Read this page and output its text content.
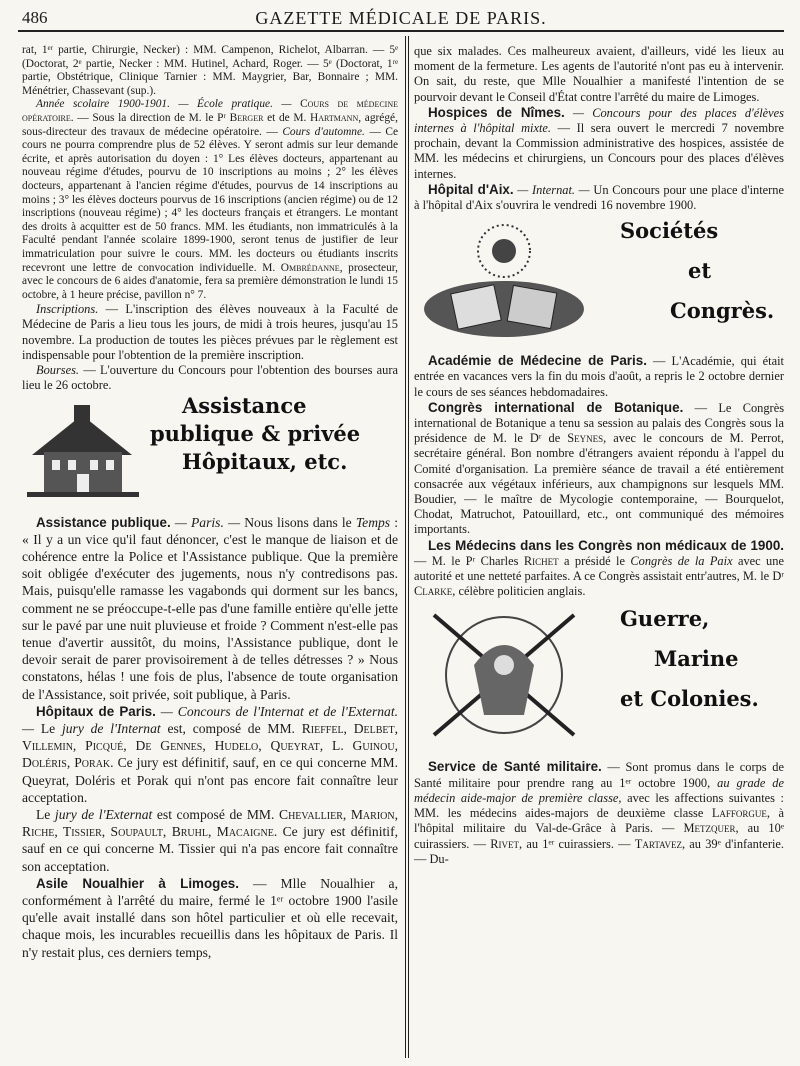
486	GAZETTE MÉDICALE DE PARIS.

rat, 1ᵉʳ partie, Chirurgie, Necker) : MM. Campenon, Richelot, Albarran. — 5ᵉ (Doctorat, 2ᵉ partie, Necker : MM. Hutinel, Achard, Roger. — 5ᵉ (Doctorat, 1ʳᵉ partie, Obstétrique, Clinique Tarnier : MM. Maygrier, Bar, Bonnaire ; MM. Ménétrier, Chassevant (sup.).

Année scolaire 1900-1901. — École pratique. — Cours de médecine opératoire. — Sous la direction de M. le Pʳ Berger et de M. Hartmann, agrégé, sous-directeur des travaux de médecine opératoire. — Cours d'automne. — Ce cours ne pourra comprendre plus de 52 élèves. Y seront admis sur leur demande écrite, et après autorisation du doyen : 1° Les élèves docteurs, appartenant au nouveau régime d'études, pourvu de 10 inscriptions au moins ; 2° les élèves docteurs, appartenant à l'ancien régime d'études, pourvus de 14 inscriptions au moins ; 3° les élèves docteurs pourvus de 16 inscriptions (ancien régime) ou de 12 inscriptions (nouveau régime) ; 4° les docteurs français et étrangers. Le montant des droits à acquitter est de 50 francs. MM. les étudiants, non immatriculés à la Faculté pendant l'année scolaire 1899-1900, seront tenus de justifier de leur immatriculation pour suivre le cours. MM. les docteurs ou étudiants inscrits recevront une lettre de convocation individuelle. M. Ombrédanne, prosecteur, avec le concours de 6 aides d'anatomie, fera sa première démonstration le lundi 15 octobre, à 1 heure précise, pavillon n° 7.

Inscriptions. — L'inscription des élèves nouveaux à la Faculté de Médecine de Paris a lieu tous les jours, de midi à trois heures, jusqu'au 15 novembre. La production de toutes les pièces prévues par le règlement est indispensable pour l'obtention de la première inscription.

Bourses. — L'ouverture du Concours pour l'obtention des bourses aura lieu le 26 octobre.

Assistance
publique & privée
Hôpitaux, etc.

Assistance publique. — Paris. — Nous lisons dans le Temps : « Il y a un vice qu'il faut dénoncer, c'est le manque de liaison et de cohérence entre la Police et l'Assistance publique. Que la première soit obligée d'exécuter des jugements, nous n'y contredisons pas. Mais, puisqu'elle ramasse les vagabonds qui dorment sur les bancs, comment ne se préoccupe-t-elle pas d'une famille entière qu'elle jette sur le pavé par une nuit pluvieuse et froide ? Comment n'est-elle pas tenue d'avertir aussitôt, du moins, l'Assistance publique, dont le devoir serait de parer provisoirement à de telles détresses ? » Nous constatons, hélas ! une fois de plus, l'absence de toute organisation de l'Assistance, soit privée, soit publique, à Paris.

Hôpitaux de Paris. — Concours de l'Internat et de l'Externat. — Le jury de l'Internat est, composé de MM. Rieffel, Delbet, Villemin, Picqué, De Gennes, Hudelo, Queyrat, L. Guinou, Doléris, Porak. Ce jury est définitif, sauf, en ce qui concerne MM. Queyrat, Doléris et Porak qui n'ont pas encore fait connaître leur acceptation.

Le jury de l'Externat est composé de MM. Chevallier, Marion, Riche, Tissier, Soupault, Bruhl, Macaigne. Ce jury est définitif, sauf en ce qui concerne M. Tissier qui n'a pas encore fait connaître son acceptation.

Asile Noualhier à Limoges. — Mlle Noualhier a, conformément à l'arrêté du maire, fermé le 1ᵉʳ octobre 1900 l'asile qu'elle avait installé dans son hôtel particulier et où elle recevait, chaque mois, les incurables recueillis dans les hôpitaux de Paris. Il n'y restait plus, ces derniers temps,

que six malades. Ces malheureux avaient, d'ailleurs, vidé les lieux au moment de la fermeture. Les agents de l'autorité n'ont pas eu à intervenir. On sait, du reste, que Mlle Noualhier a manifesté l'intention de se pourvoir devant le Conseil d'État contre l'arrêté du maire de Limoges.

Hospices de Nîmes. — Concours pour des places d'élèves internes à l'hôpital mixte. — Il sera ouvert le mercredi 7 novembre prochain, devant la Commission administrative des hospices, assistée de MM. les médecins et chirurgiens, un Concours pour des places d'élèves internes.

Hôpital d'Aix. — Internat. — Un Concours pour une place d'interne à l'hôpital d'Aix s'ouvrira le vendredi 16 novembre 1900.

Sociétés
et
Congrès.

Académie de Médecine de Paris. — L'Académie, qui était entrée en vacances vers la fin du mois d'août, a repris le 2 octobre dernier le cours de ses séances hebdomadaires.

Congrès international de Botanique. — Le Congrès international de Botanique a tenu sa session au palais des Congrès sous la présidence de M. le Dʳ de Seynes, avec le concours de M. Perrot, secrétaire général. Bon nombre d'étrangers avaient répondu à l'appel du Comité d'organisation. La première séance de travail a été entièrement consacrée aux végétaux inférieurs, aux champignons sur lesquels MM. Boudier, — le maître de Mycologie contemporaine, — Bourquelot, Chodat, Matruchot, Patouillard, etc., ont communiqué des mémoires importants.

Les Médecins dans les Congrès non médicaux de 1900. — M. le Pʳ Charles Richet a présidé le Congrès de la Paix avec une autorité et une netteté parfaites. A ce Congrès assistait entr'autres, M. le Dʳ Clarke, célèbre politicien anglais.

Guerre,
Marine
et Colonies.

Service de Santé militaire. — Sont promus dans le corps de Santé militaire pour prendre rang au 1ᵉʳ octobre 1900, au grade de médecin aide-major de première classe, avec les affections suivantes : MM. les médecins aides-majors de deuxième classe Lafforgue, à l'hôpital militaire du Val-de-Grâce à Paris. — Metzquer, au 10ᵉ cuirassiers. — Rivet, au 1ᵉʳ cuirassiers. — Tartavez, au 39ᵉ d'infanterie. — Du-
